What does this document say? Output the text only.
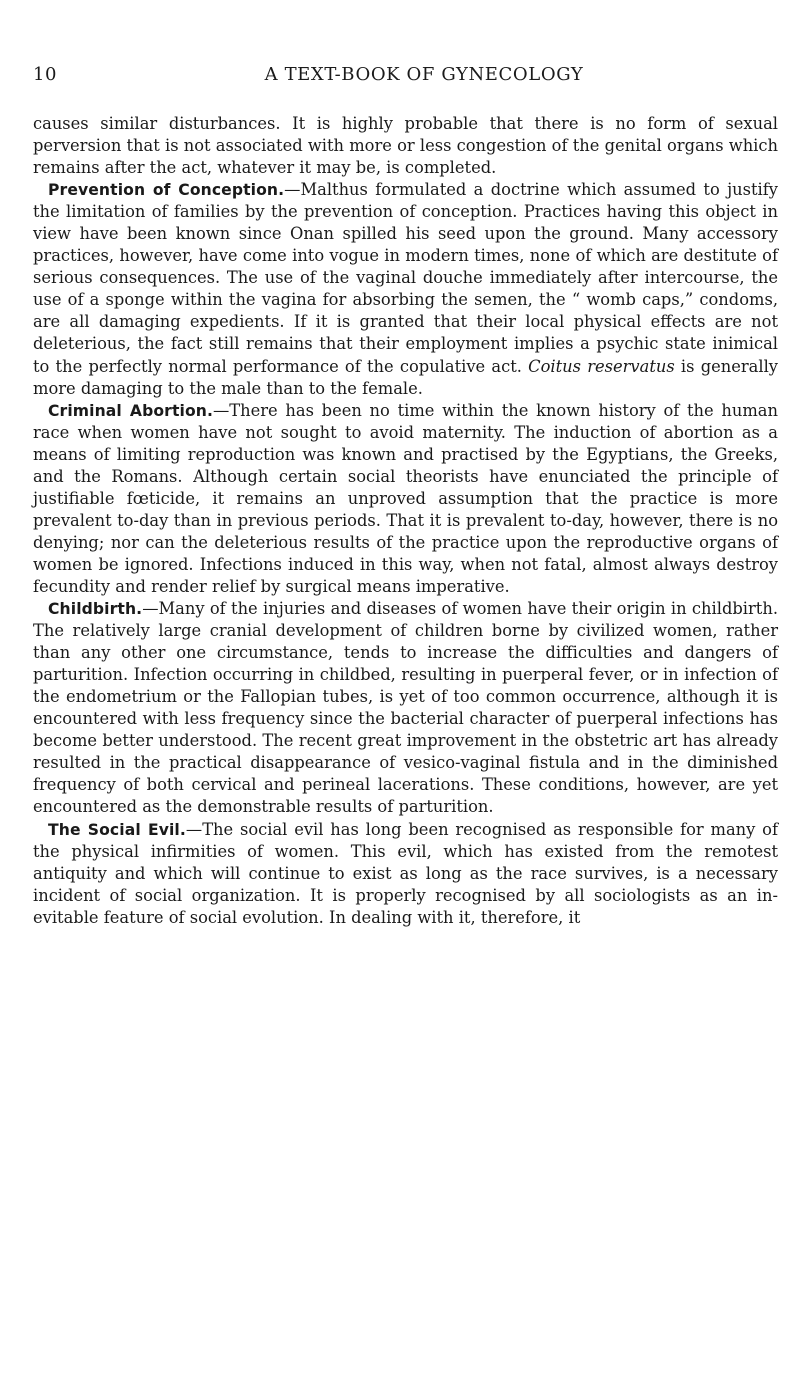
10	A TEXT-BOOK OF GYNECOLOGY

causes similar disturbances. It is highly probable that there is no form of sexual perversion that is not associated with more or less congestion of the genital organs which remains after the act, whatever it may be, is completed.

Prevention of Conception.—Malthus formulated a doctrine which assumed to justify the limitation of families by the prevention of conception. Practices having this object in view have been known since Onan spilled his seed upon the ground. Many accessory practices, however, have come into vogue in modern times, none of which are destitute of serious consequences. The use of the vaginal douche immediately after intercourse, the use of a sponge within the vagina for absorbing the semen, the “ womb caps,” condoms, are all damaging expedients. If it is granted that their local physical effects are not deleterious, the fact still remains that their employment implies a psychic state inimical to the perfectly normal performance of the copulative act. Coitus reservatus is generally more damaging to the male than to the female.

Criminal Abortion.—There has been no time within the known history of the human race when women have not sought to avoid maternity. The induction of abortion as a means of limiting reproduction was known and practised by the Egyptians, the Greeks, and the Romans. Although certain social theorists have enunciated the principle of justifiable fœticide, it remains an unproved assumption that the practice is more prevalent to-day than in previous periods. That it is prevalent to-day, however, there is no denying; nor can the deleterious results of the practice upon the reproductive organs of women be ignored. Infections induced in this way, when not fatal, almost always destroy fecundity and render relief by surgical means imperative.

Childbirth.—Many of the injuries and diseases of women have their origin in childbirth. The relatively large cranial development of children borne by civilized women, rather than any other one circumstance, tends to increase the difficulties and dangers of parturition. Infection occurring in childbed, resulting in puerperal fever, or in infection of the endometrium or the Fallopian tubes, is yet of too common occurrence, although it is encountered with less frequency since the bacterial character of puerperal infections has become better understood. The recent great improvement in the obstetric art has already resulted in the practical disappearance of vesico-vaginal fistula and in the diminished frequency of both cervical and perineal lacerations. These conditions, however, are yet encountered as the demonstrable results of parturition.

The Social Evil.—The social evil has long been recognised as responsible for many of the physical infirmities of women. This evil, which has existed from the remotest antiquity and which will continue to exist as long as the race survives, is a necessary incident of social organization. It is properly recognised by all sociologists as an inevitable feature of social evolution. In dealing with it, therefore, it
